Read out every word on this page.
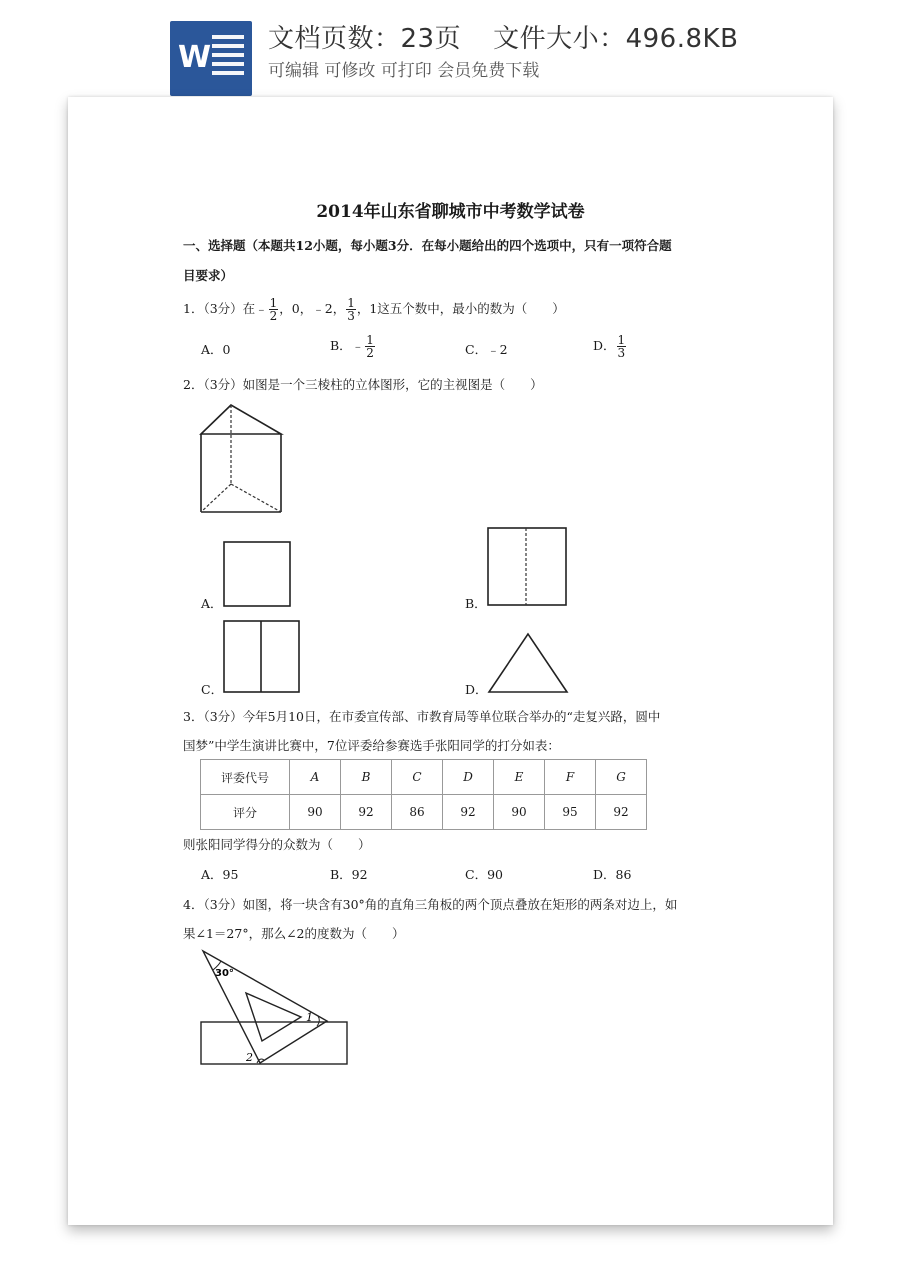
W
文档页数：23页 文件大小：496.8KB
可编辑 可修改 可打印 会员免费下载
2014年山东省聊城市中考数学试卷
一、选择题（本题共12小题，每小题3分．在每小题给出的四个选项中，只有一项符合题
目要求）
1．（3分）在﹣ $\frac{1}{2}$ ，0，﹣2， $\frac{1}{3}$ ，1这五个数中，最小的数为（　　）
A．0	B．﹣ $\frac{1}{2}$	C．﹣2	D． $\frac{1}{3}$
2．（3分）如图是一个三棱柱的立体图形，它的主视图是（　　）
A．	B．
C．	D．
3．（3分）今年5月10日，在市委宣传部、市教育局等单位联合举办的“走复兴路，圆中
国梦”中学生演讲比赛中，7位评委给参赛选手张阳同学的打分如表：
评委代号	A	B	C	D	E	F	G
评分	90	92	86	92	90	95	92
则张阳同学得分的众数为（　　）
A．95	B．92	C．90	D．86
4．（3分）如图，将一块含有30°角的直角三角板的两个顶点叠放在矩形的两条对边上，如
果∠1＝27°，那么∠2的度数为（　　）
30°
1
2
